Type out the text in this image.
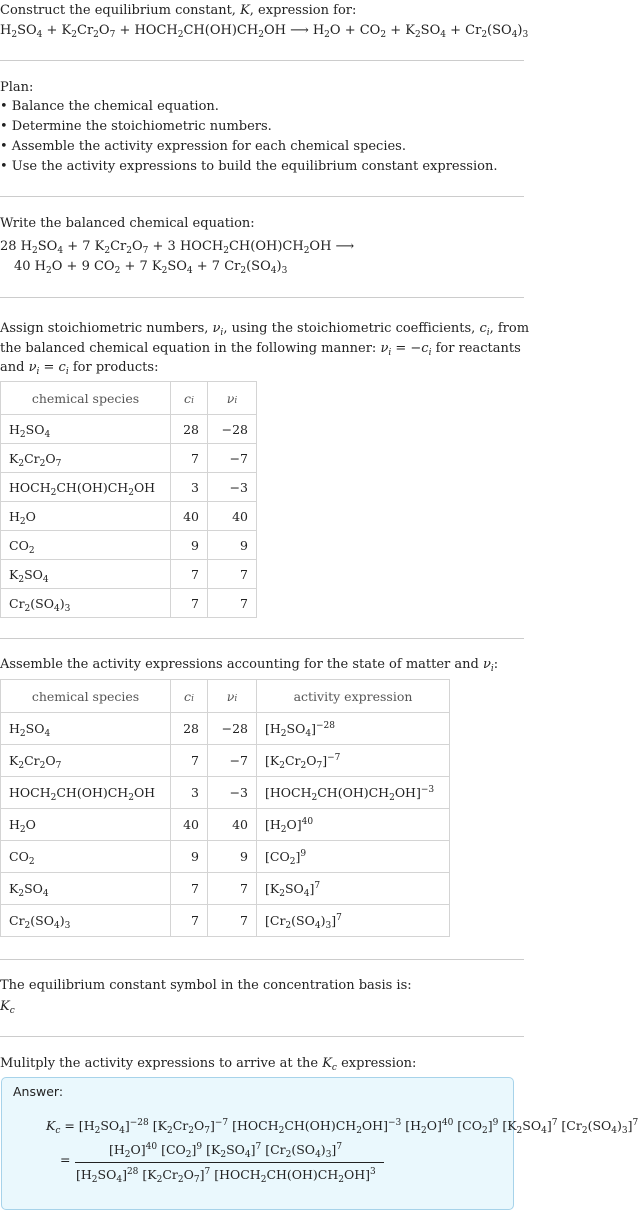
Construct the equilibrium constant, K, expression for:
$H_2SO_4 + K_2Cr_2O_7$ + $HOCH_2CH(OH)CH_2OH$ ⟶ $H_2O + CO_2 + K_2SO_4 + Cr_2(SO_4)_3$
Plan:
• Balance the chemical equation.
• Determine the stoichiometric numbers.
• Assemble the activity expression for each chemical species.
• Use the activity expressions to build the equilibrium constant expression.
Write the balanced chemical equation:
28 $H_2SO_4 + 7$ $K_2Cr_2O_7 + 3$ $HOCH_2CH(OH)CH_2OH$ ⟶
40 $H_2O + 9$ $CO_2 + 7$ $K_2SO_4 + 7$ $Cr_2(SO_4)_3$
Assign stoichiometric numbers, $\nu_i$, using the stoichiometric coefficients, $c_i$, from
the balanced chemical equation in the following manner: $\nu_i = -c_i$ for reactants
and $\nu_i = c_i$ for products:
chemical species	ci	νi
$H_2SO_4$	28	−28
$K_2Cr_2O_7$	7	−7
$HOCH_2CH(OH)CH_2OH$	3	−3
$H_2O$	40	40
$CO_2$	9	9
$K_2SO_4$	7	7
$Cr_2(SO_4)_3$	7	7
Assemble the activity expressions accounting for the state of matter and $\nu_i$:
chemical species	ci	νi	activity expression
$H_2SO_4$	28	−28	$[H_2SO_4]^{-28}$
$K_2Cr_2O_7$	7	−7	$[K_2Cr_2O_7]^{-7}$
$HOCH_2CH(OH)CH_2OH$	3	−3	$[HOCH_2CH(OH)CH_2OH]^{-3}$
$H_2O$	40	40	$[H_2O]^{40}$
$CO_2$	9	9	$[CO_2]^9$
$K_2SO_4$	7	7	$[K_2SO_4]^7$
$Cr_2(SO_4)_3$	7	7	$[Cr_2(SO_4)_3]^7$
The equilibrium constant symbol in the concentration basis is:
$K_c$
Mulitply the activity expressions to arrive at the $K_c$ expression:
Answer:
$K_c = [H_2SO_4]^{-28}$ $[K_2Cr_2O_7]^{-7}$ $[HOCH_2CH(OH)CH_2OH]^{-3}$ $[H_2O]^{40}$ $[CO_2]^9$ $[K_2SO_4]^7$ $[Cr_2(SO_4)_3]^7$
=
$[H_2O]^{40}$ $[CO_2]^9$ $[K_2SO_4]^7$ $[Cr_2(SO_4)_3]^7$
$[H_2SO_4]^{28}$ $[K_2Cr_2O_7]^7$ $[HOCH_2CH(OH)CH_2OH]^3$
